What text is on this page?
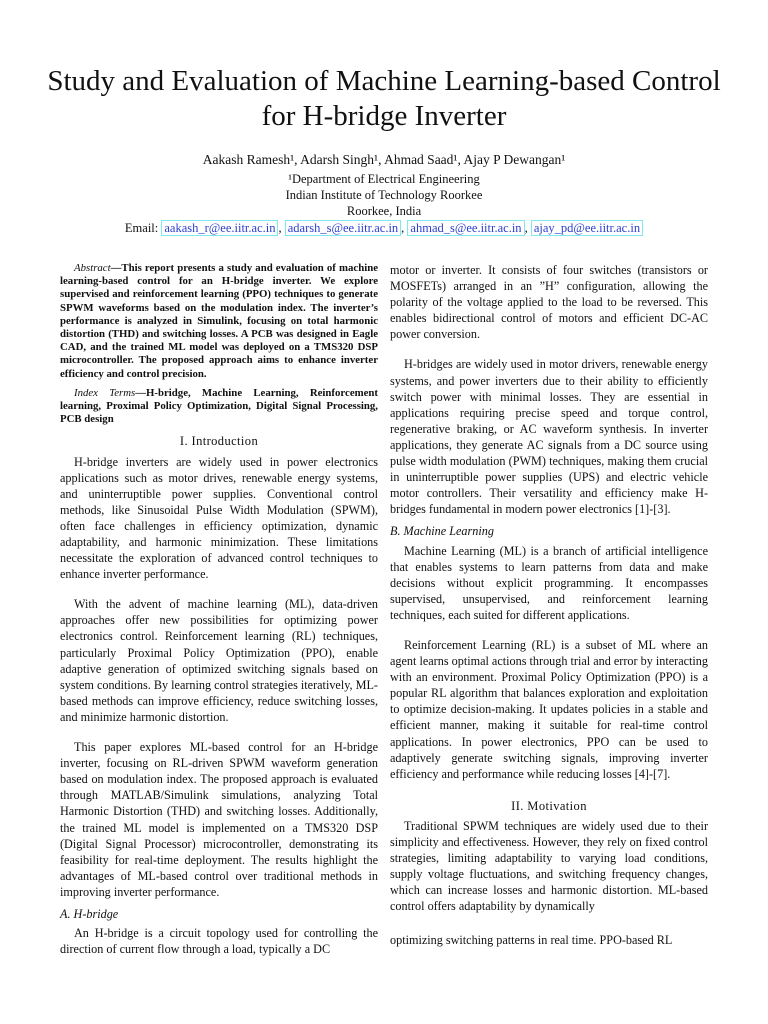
Study and Evaluation of Machine Learning-based Control for H-bridge Inverter
Aakash Ramesh¹, Adarsh Singh¹, Ahmad Saad¹, Ajay P Dewangan¹
¹Department of Electrical Engineering
Indian Institute of Technology Roorkee
Roorkee, India
Email: aakash_r@ee.iitr.ac.in , adarsh_s@ee.iitr.ac.in , ahmad_s@ee.iitr.ac.in , ajay_pd@ee.iitr.ac.in

Abstract—This report presents a study and evaluation of machine learning-based control for an H-bridge inverter. We explore supervised and reinforcement learning (PPO) techniques to generate SPWM waveforms based on the modulation index. The inverter’s performance is analyzed in Simulink, focusing on total harmonic distortion (THD) and switching losses. A PCB was designed in Eagle CAD, and the trained ML model was deployed on a TMS320 DSP microcontroller. The proposed approach aims to enhance inverter efficiency and control precision.

Index Terms—H-bridge, Machine Learning, Reinforcement learning, Proximal Policy Optimization, Digital Signal Processing, PCB design

I. Introduction

H-bridge inverters are widely used in power electronics applications such as motor drives, renewable energy systems, and uninterruptible power supplies. Conventional control methods, like Sinusoidal Pulse Width Modulation (SPWM), often face challenges in efficiency optimization, dynamic adaptability, and harmonic minimization. These limitations necessitate the exploration of advanced control techniques to enhance inverter performance.

With the advent of machine learning (ML), data-driven approaches offer new possibilities for optimizing power electronics control. Reinforcement learning (RL) techniques, particularly Proximal Policy Optimization (PPO), enable adaptive generation of optimized switching signals based on system conditions. By learning control strategies iteratively, ML-based methods can improve efficiency, reduce switching losses, and minimize harmonic distortion.

This paper explores ML-based control for an H-bridge inverter, focusing on RL-driven SPWM waveform generation based on modulation index. The proposed approach is evaluated through MATLAB/Simulink simulations, analyzing Total Harmonic Distortion (THD) and switching losses. Additionally, the trained ML model is implemented on a TMS320 DSP (Digital Signal Processor) microcontroller, demonstrating its feasibility for real-time deployment. The results highlight the advantages of ML-based control over traditional methods in improving inverter performance.

A. H-bridge

An H-bridge is a circuit topology used for controlling the direction of current flow through a load, typically a DC

motor or inverter. It consists of four switches (transistors or MOSFETs) arranged in an ”H” configuration, allowing the polarity of the voltage applied to the load to be reversed. This enables bidirectional control of motors and efficient DC-AC power conversion.

H-bridges are widely used in motor drivers, renewable energy systems, and power inverters due to their ability to efficiently switch power with minimal losses. They are essential in applications requiring precise speed and torque control, regenerative braking, or AC waveform synthesis. In inverter applications, they generate AC signals from a DC source using pulse width modulation (PWM) techniques, making them crucial in uninterruptible power supplies (UPS) and electric vehicle motor controllers. Their versatility and efficiency make H-bridges fundamental in modern power electronics [1]-[3].

B. Machine Learning

Machine Learning (ML) is a branch of artificial intelligence that enables systems to learn patterns from data and make decisions without explicit programming. It encompasses supervised, unsupervised, and reinforcement learning techniques, each suited for different applications.

Reinforcement Learning (RL) is a subset of ML where an agent learns optimal actions through trial and error by interacting with an environment. Proximal Policy Optimization (PPO) is a popular RL algorithm that balances exploration and exploitation to optimize decision-making. It updates policies in a stable and efficient manner, making it suitable for real-time control applications. In power electronics, PPO can be used to adaptively generate switching signals, improving inverter efficiency and performance while reducing losses [4]-[7].

II. Motivation

Traditional SPWM techniques are widely used due to their simplicity and effectiveness. However, they rely on fixed control strategies, limiting adaptability to varying load conditions, supply voltage fluctuations, and switching frequency changes, which can increase losses and harmonic distortion. ML-based control offers adaptability by dynamically

optimizing switching patterns in real time. PPO-based RL
